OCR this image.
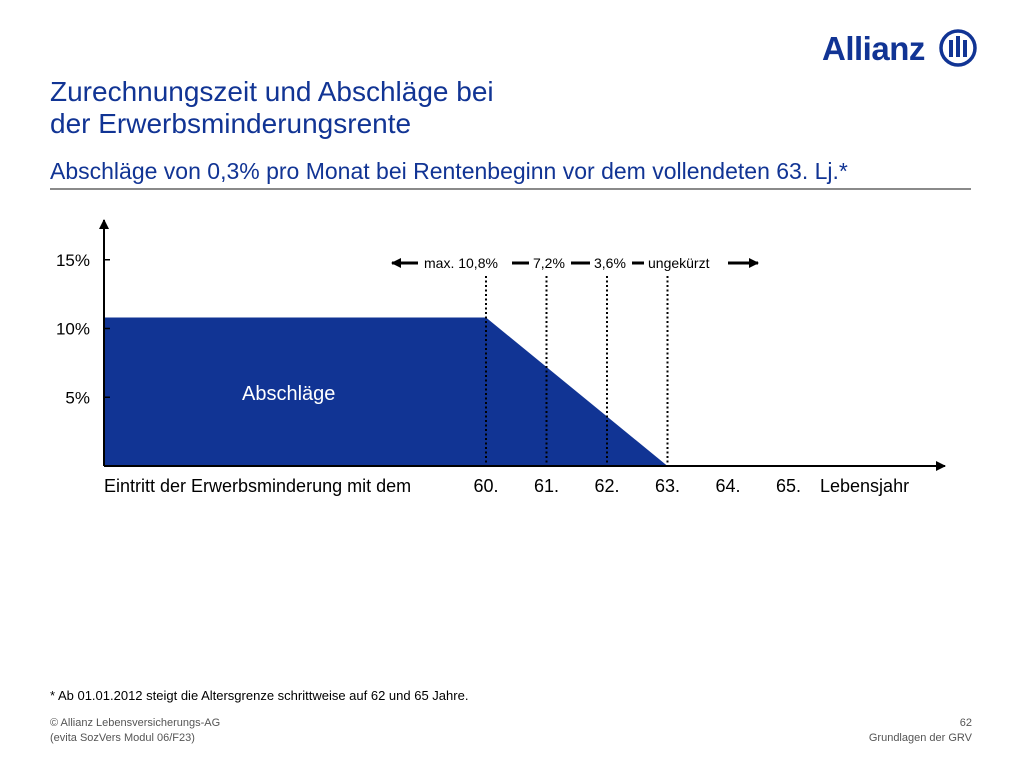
Allianz
Zurechnungszeit und Abschläge bei
der Erwerbsminderungsrente
Abschläge von 0,3% pro Monat bei Rentenbeginn vor dem vollendeten 63. Lj.*
Abschläge
5%
10%
15%
Eintritt der Erwerbsminderung mit dem	60. 61. 62. 63. 64. 65. Lebensjahr
max. 10,8%	7,2% 3,6% ungekürzt
* Ab 01.01.2012 steigt die Altersgrenze schrittweise auf 62 und 65 Jahre.
© Allianz Lebensversicherungs-AG
(evita SozVers Modul 06/F23)
62
Grundlagen der GRV
